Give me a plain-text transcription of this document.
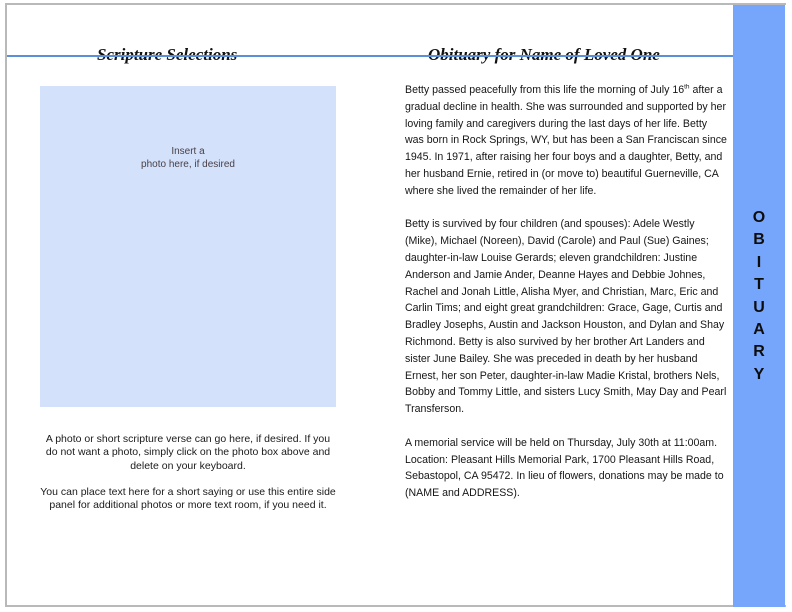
Insert a
photo here, if desired

A photo or short scripture verse can go here, if desired. If you do not want a photo, simply click on the photo box above and delete on your keyboard.

You can place text here for a short saying or use this entire side panel for additional photos or more text room, if you need it.

Betty passed peacefully from this life the morning of July 16th after a gradual decline in health. She was surrounded and supported by her loving family and caregivers during the last days of her life. Betty was born in Rock Springs, WY, but has been a San Franciscan since 1945. In 1971, after raising her four boys and a daughter, Betty, and her husband Ernie, retired in (or move to) beautiful Guerneville, CA where she lived the remainder of her life.

Betty is survived by four children (and spouses): Adele Westly (Mike), Michael (Noreen), David (Carole) and Paul (Sue) Gaines; daughter-in-law Louise Gerards; eleven grandchildren: Justine Anderson and Jamie Ander, Deanne Hayes and Debbie Johnes, Rachel and Jonah Little, Alisha Myer, and Christian, Marc, Eric and Carlin Tims; and eight great grandchildren: Grace, Gage, Curtis and Bradley Josephs, Austin and Jackson Houston, and Dylan and Shay Richmond. Betty is also survived by her brother Art Landers and sister June Bailey. She was preceded in death by her husband Ernest, her son Peter, daughter-in-law Madie Kristal, brothers Nels, Bobby and Tommy Little, and sisters Lucy Smith, May Day and Pearl Transferson.

A memorial service will be held on Thursday, July 30th at 11:00am. Location: Pleasant Hills Memorial Park, 1700 Pleasant Hills Road, Sebastopol, CA 95472. In lieu of flowers, donations may be made to (NAME and ADDRESS).

O
B
I
T
U
A
R
Y
